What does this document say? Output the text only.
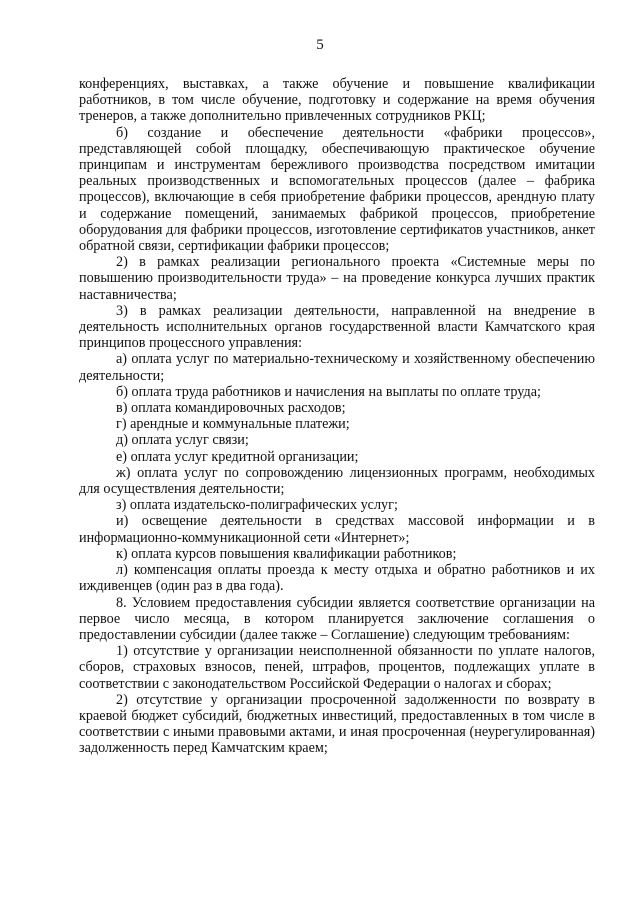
5

конференциях, выставках, а также обучение и повышение квалификации работников, в том числе обучение, подготовку и содержание на время обучения тренеров, а также дополнительно привлеченных сотрудников РКЦ;

б) создание и обеспечение деятельности «фабрики процессов», представляющей собой площадку, обеспечивающую практическое обучение принципам и инструментам бережливого производства посредством имитации реальных производственных и вспомогательных процессов (далее – фабрика процессов), включающие в себя приобретение фабрики процессов, арендную плату и содержание помещений, занимаемых фабрикой процессов, приобретение оборудования для фабрики процессов, изготовление сертификатов участников, анкет обратной связи, сертификации фабрики процессов;

2) в рамках реализации регионального проекта «Системные меры по повышению производительности труда» – на проведение конкурса лучших практик наставничества;

3) в рамках реализации деятельности, направленной на внедрение в деятельность исполнительных органов государственной власти Камчатского края принципов процессного управления:

а) оплата услуг по материально-техническому и хозяйственному обеспечению деятельности;

б) оплата труда работников и начисления на выплаты по оплате труда;

в) оплата командировочных расходов;

г) арендные и коммунальные платежи;

д) оплата услуг связи;

е) оплата услуг кредитной организации;

ж) оплата услуг по сопровождению лицензионных программ, необходимых для осуществления деятельности;

з) оплата издательско-полиграфических услуг;

и) освещение деятельности в средствах массовой информации и в информационно-коммуникационной сети «Интернет»;

к) оплата курсов повышения квалификации работников;

л) компенсация оплаты проезда к месту отдыха и обратно работников и их иждивенцев (один раз в два года).

8. Условием предоставления субсидии является соответствие организации на первое число месяца, в котором планируется заключение соглашения о предоставлении субсидии (далее также – Соглашение) следующим требованиям:

1) отсутствие у организации неисполненной обязанности по уплате налогов, сборов, страховых взносов, пеней, штрафов, процентов, подлежащих уплате в соответствии с законодательством Российской Федерации о налогах и сборах;

2) отсутствие у организации просроченной задолженности по возврату в краевой бюджет субсидий, бюджетных инвестиций, предоставленных в том числе в соответствии с иными правовыми актами, и иная просроченная (неурегулированная) задолженность перед Камчатским краем;
